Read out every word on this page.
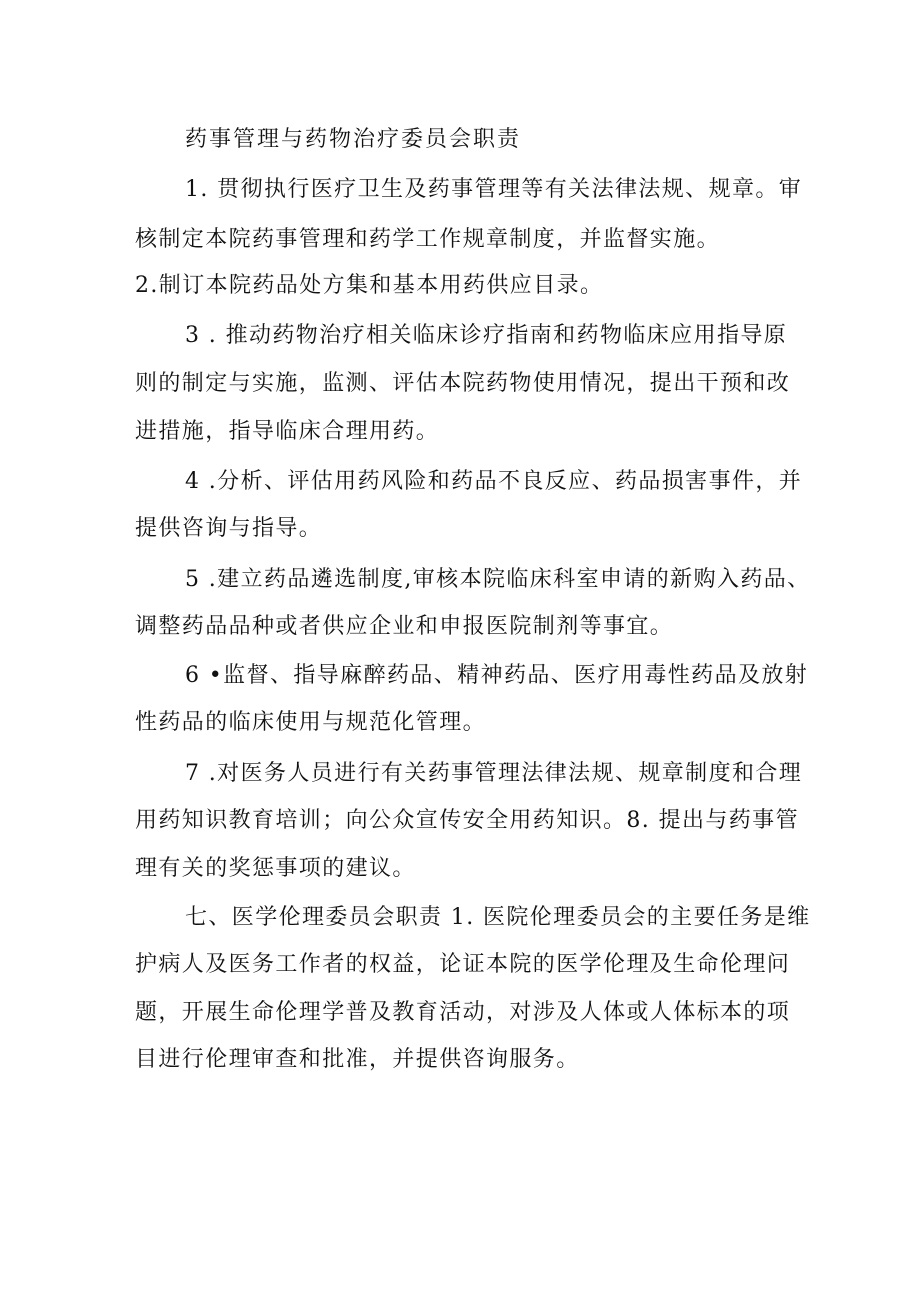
药事管理与药物治疗委员会职责
1. 贯彻执行医疗卫生及药事管理等有关法律法规、规章。审
核制定本院药事管理和药学工作规章制度，并监督实施。
2.制订本院药品处方集和基本用药供应目录。
3 . 推动药物治疗相关临床诊疗指南和药物临床应用指导原
则的制定与实施，监测、评估本院药物使用情况，提出干预和改
进措施，指导临床合理用药。
4 .分析、评估用药风险和药品不良反应、药品损害事件，并
提供咨询与指导。
5 .建立药品遴选制度,审核本院临床科室申请的新购入药品、
调整药品品种或者供应企业和申报医院制剂等事宜。
6 •监督、指导麻醉药品、精神药品、医疗用毒性药品及放射
性药品的临床使用与规范化管理。
7 .对医务人员进行有关药事管理法律法规、规章制度和合理
用药知识教育培训；向公众宣传安全用药知识。8. 提出与药事管
理有关的奖惩事项的建议。
七、医学伦理委员会职责 1. 医院伦理委员会的主要任务是维
护病人及医务工作者的权益，论证本院的医学伦理及生命伦理问
题，开展生命伦理学普及教育活动，对涉及人体或人体标本的项
目进行伦理审查和批准，并提供咨询服务。
